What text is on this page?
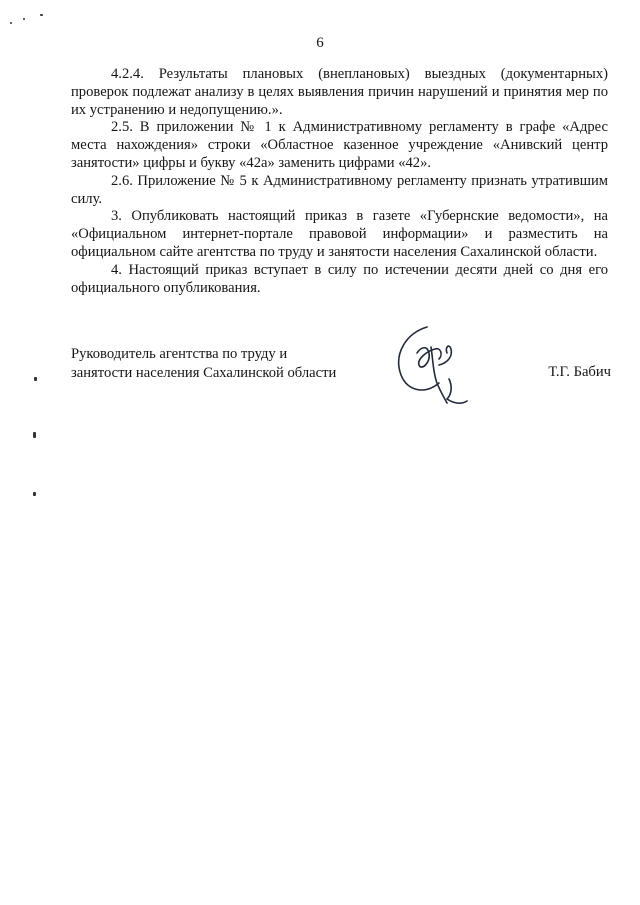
6

4.2.4. Результаты плановых (внеплановых) выездных (документарных) проверок подлежат анализу в целях выявления причин нарушений и принятия мер по их устранению и недопущению.».

2.5. В приложении № 1 к Административному регламенту в графе «Адрес места нахождения» строки «Областное казенное учреждение «Анивский центр занятости» цифры и букву «42а» заменить цифрами «42».

2.6. Приложение № 5 к Административному регламенту признать утратившим силу.

3. Опубликовать настоящий приказ в газете «Губернские ведомости», на «Официальном интернет-портале правовой информации» и разместить на официальном сайте агентства по труду и занятости населения Сахалинской области.

4. Настоящий приказ вступает в силу по истечении десяти дней со дня его официального опубликования.

Руководитель агентства по труду и
занятости населения Сахалинской области	Т.Г. Бабич
